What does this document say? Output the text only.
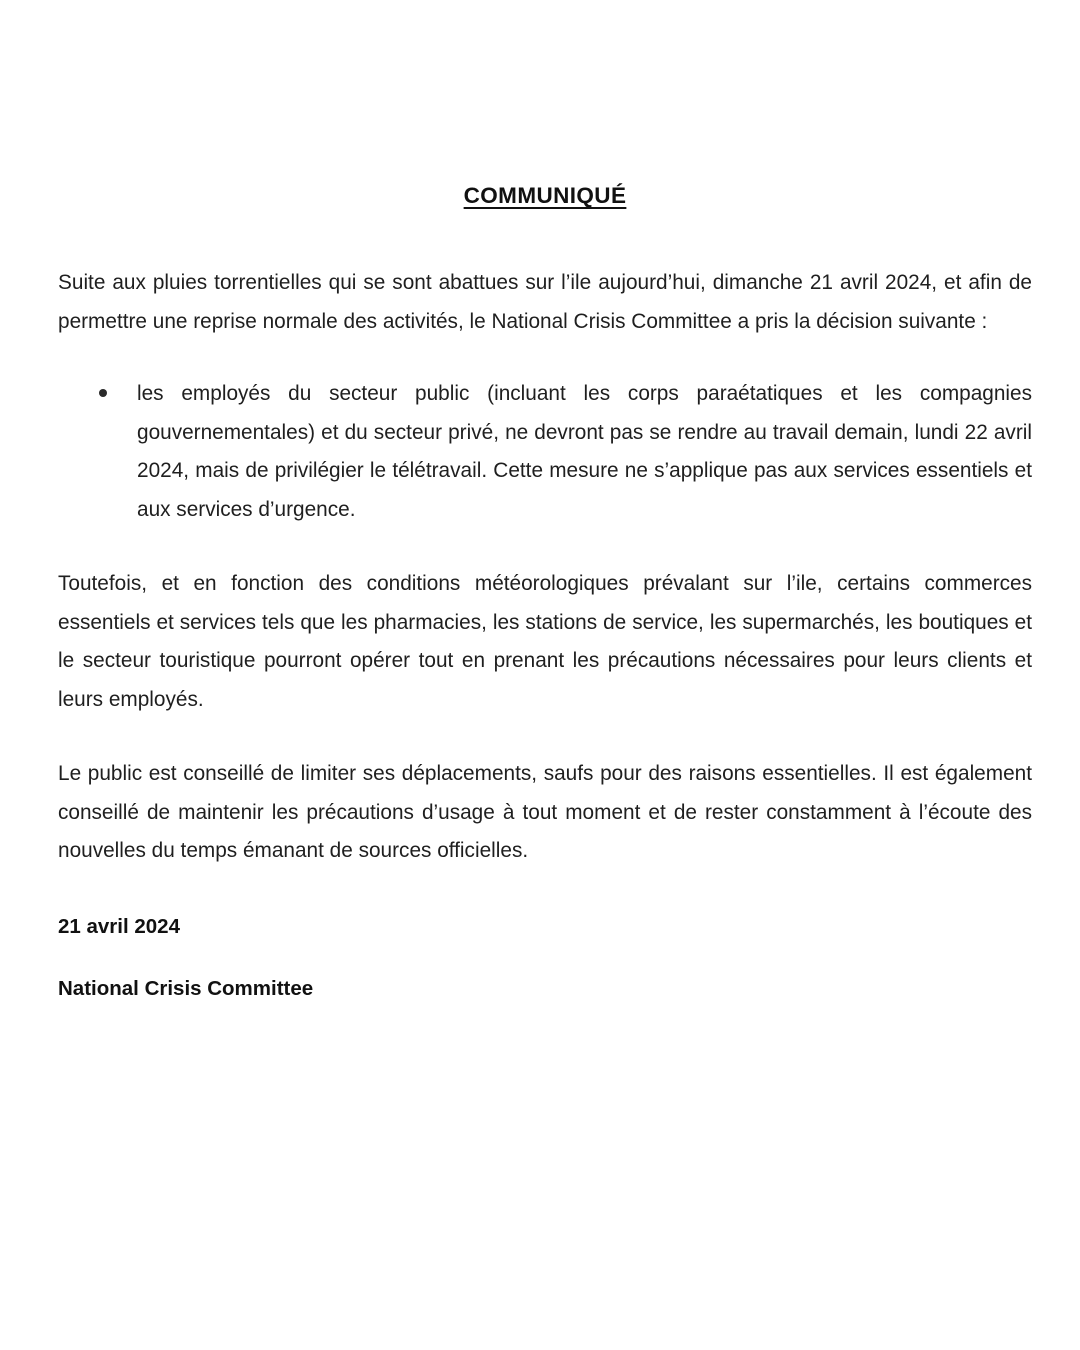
COMMUNIQUÉ

Suite aux pluies torrentielles qui se sont abattues sur l’ile aujourd’hui, dimanche 21 avril 2024, et afin de permettre une reprise normale des activités, le National Crisis Committee a pris la décision suivante :

les employés du secteur public (incluant les corps paraétatiques et les compagnies gouvernementales) et du secteur privé, ne devront pas se rendre au travail demain, lundi 22 avril 2024, mais de privilégier le télétravail. Cette mesure ne s’applique pas aux services essentiels et aux services d’urgence.

Toutefois, et en fonction des conditions météorologiques prévalant sur l’ile, certains commerces essentiels et services tels que les pharmacies, les stations de service, les supermarchés, les boutiques et le secteur touristique pourront opérer tout en prenant les précautions nécessaires pour leurs clients et leurs employés.

Le public est conseillé de limiter ses déplacements, saufs pour des raisons essentielles. Il est également conseillé de maintenir les précautions d’usage à tout moment et de rester constamment à l’écoute des nouvelles du temps émanant de sources officielles.

21 avril 2024

National Crisis Committee
